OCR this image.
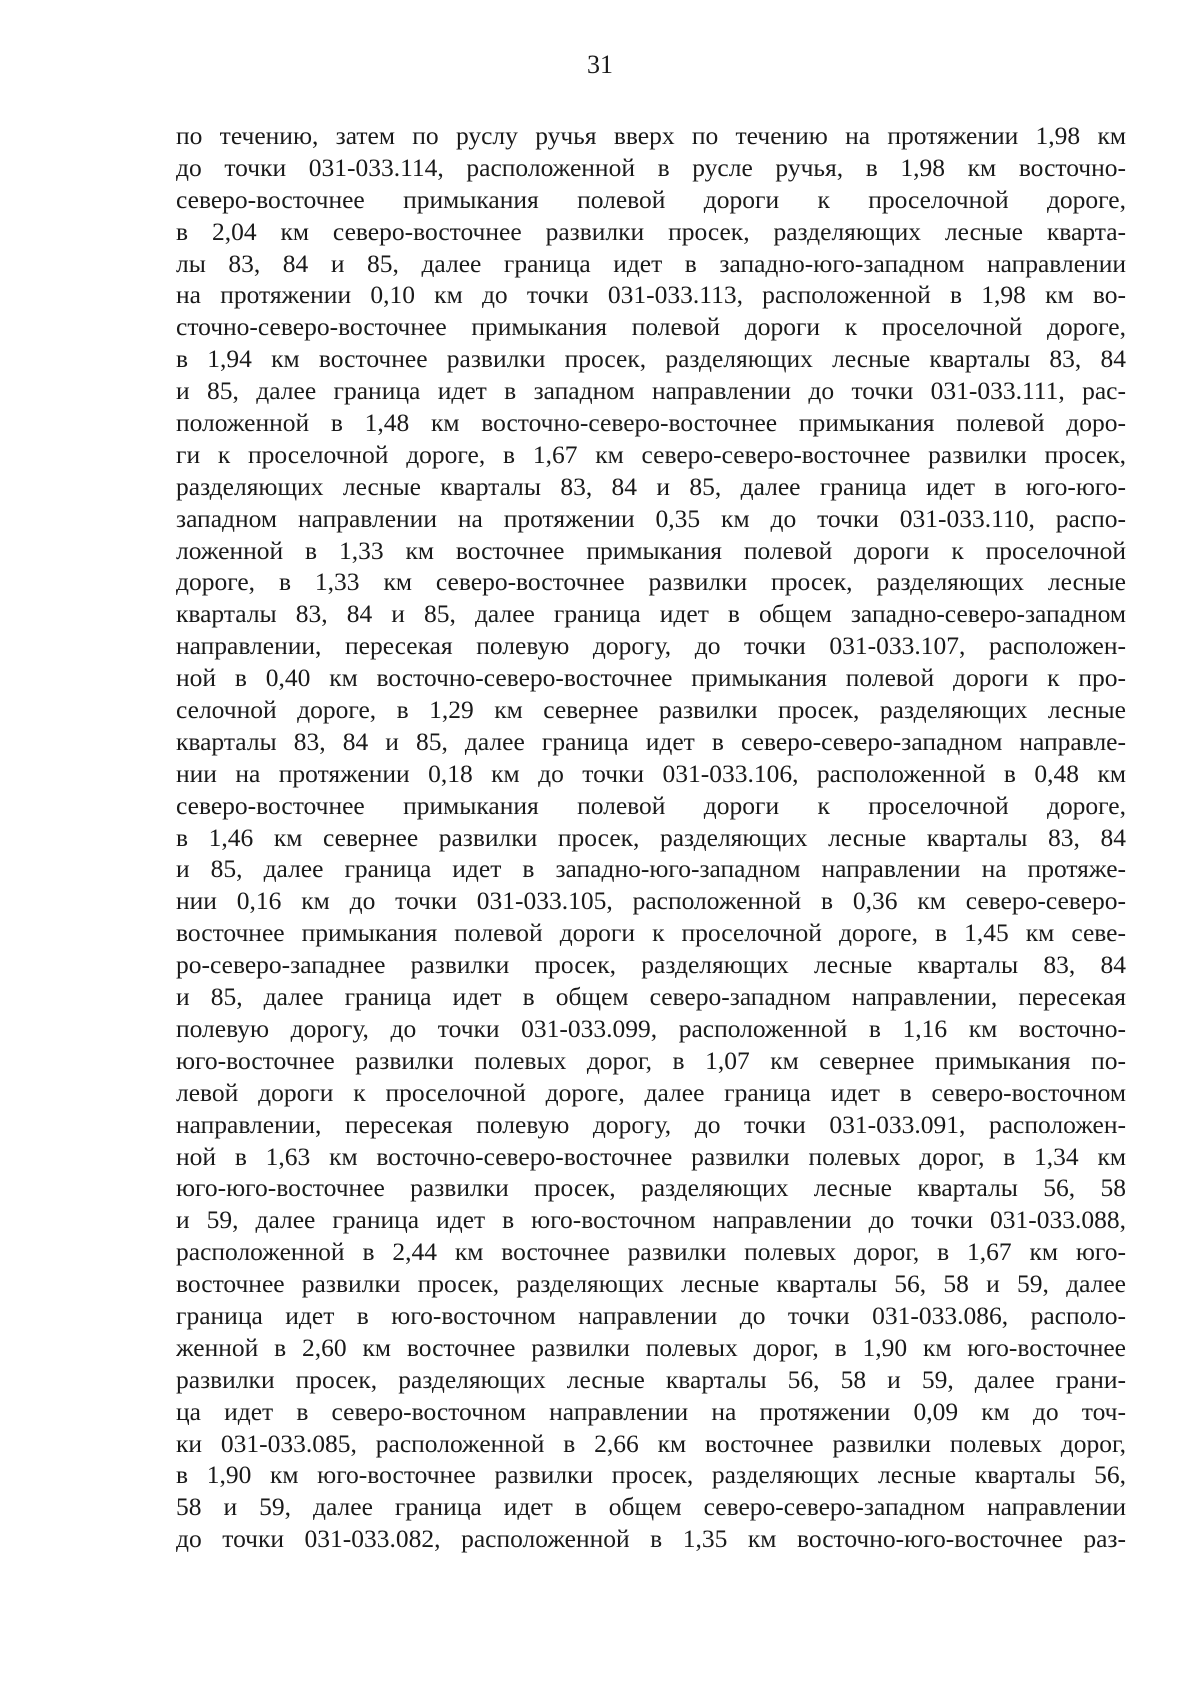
31
по течению, затем по руслу ручья вверх по течению на протяжении 1,98 км
до точки 031-033.114, расположенной в русле ручья, в 1,98 км восточно-
северо-восточнее примыкания полевой дороги к проселочной дороге,
в 2,04 км северо-восточнее развилки просек, разделяющих лесные кварта-
лы 83, 84 и 85, далее граница идет в западно-юго-западном направлении
на протяжении 0,10 км до точки 031-033.113, расположенной в 1,98 км во-
сточно-северо-восточнее примыкания полевой дороги к проселочной дороге,
в 1,94 км восточнее развилки просек, разделяющих лесные кварталы 83, 84
и 85, далее граница идет в западном направлении до точки 031-033.111, рас-
положенной в 1,48 км восточно-северо-восточнее примыкания полевой доро-
ги к проселочной дороге, в 1,67 км северо-северо-восточнее развилки просек,
разделяющих лесные кварталы 83, 84 и 85, далее граница идет в юго-юго-
западном направлении на протяжении 0,35 км до точки 031-033.110, распо-
ложенной в 1,33 км восточнее примыкания полевой дороги к проселочной
дороге, в 1,33 км северо-восточнее развилки просек, разделяющих лесные
кварталы 83, 84 и 85, далее граница идет в общем западно-северо-западном
направлении, пересекая полевую дорогу, до точки 031-033.107, расположен-
ной в 0,40 км восточно-северо-восточнее примыкания полевой дороги к про-
селочной дороге, в 1,29 км севернее развилки просек, разделяющих лесные
кварталы 83, 84 и 85, далее граница идет в северо-северо-западном направле-
нии на протяжении 0,18 км до точки 031-033.106, расположенной в 0,48 км
северо-восточнее примыкания полевой дороги к проселочной дороге,
в 1,46 км севернее развилки просек, разделяющих лесные кварталы 83, 84
и 85, далее граница идет в западно-юго-западном направлении на протяже-
нии 0,16 км до точки 031-033.105, расположенной в 0,36 км северо-северо-
восточнее примыкания полевой дороги к проселочной дороге, в 1,45 км севе-
ро-северо-западнее развилки просек, разделяющих лесные кварталы 83, 84
и 85, далее граница идет в общем северо-западном направлении, пересекая
полевую дорогу, до точки 031-033.099, расположенной в 1,16 км восточно-
юго-восточнее развилки полевых дорог, в 1,07 км севернее примыкания по-
левой дороги к проселочной дороге, далее граница идет в северо-восточном
направлении, пересекая полевую дорогу, до точки 031-033.091, расположен-
ной в 1,63 км восточно-северо-восточнее развилки полевых дорог, в 1,34 км
юго-юго-восточнее развилки просек, разделяющих лесные кварталы 56, 58
и 59, далее граница идет в юго-восточном направлении до точки 031-033.088,
расположенной в 2,44 км восточнее развилки полевых дорог, в 1,67 км юго-
восточнее развилки просек, разделяющих лесные кварталы 56, 58 и 59, далее
граница идет в юго-восточном направлении до точки 031-033.086, располо-
женной в 2,60 км восточнее развилки полевых дорог, в 1,90 км юго-восточнее
развилки просек, разделяющих лесные кварталы 56, 58 и 59, далее грани-
ца идет в северо-восточном направлении на протяжении 0,09 км до точ-
ки 031-033.085, расположенной в 2,66 км восточнее развилки полевых дорог,
в 1,90 км юго-восточнее развилки просек, разделяющих лесные кварталы 56,
58 и 59, далее граница идет в общем северо-северо-западном направлении
до точки 031-033.082, расположенной в 1,35 км восточно-юго-восточнее раз-
